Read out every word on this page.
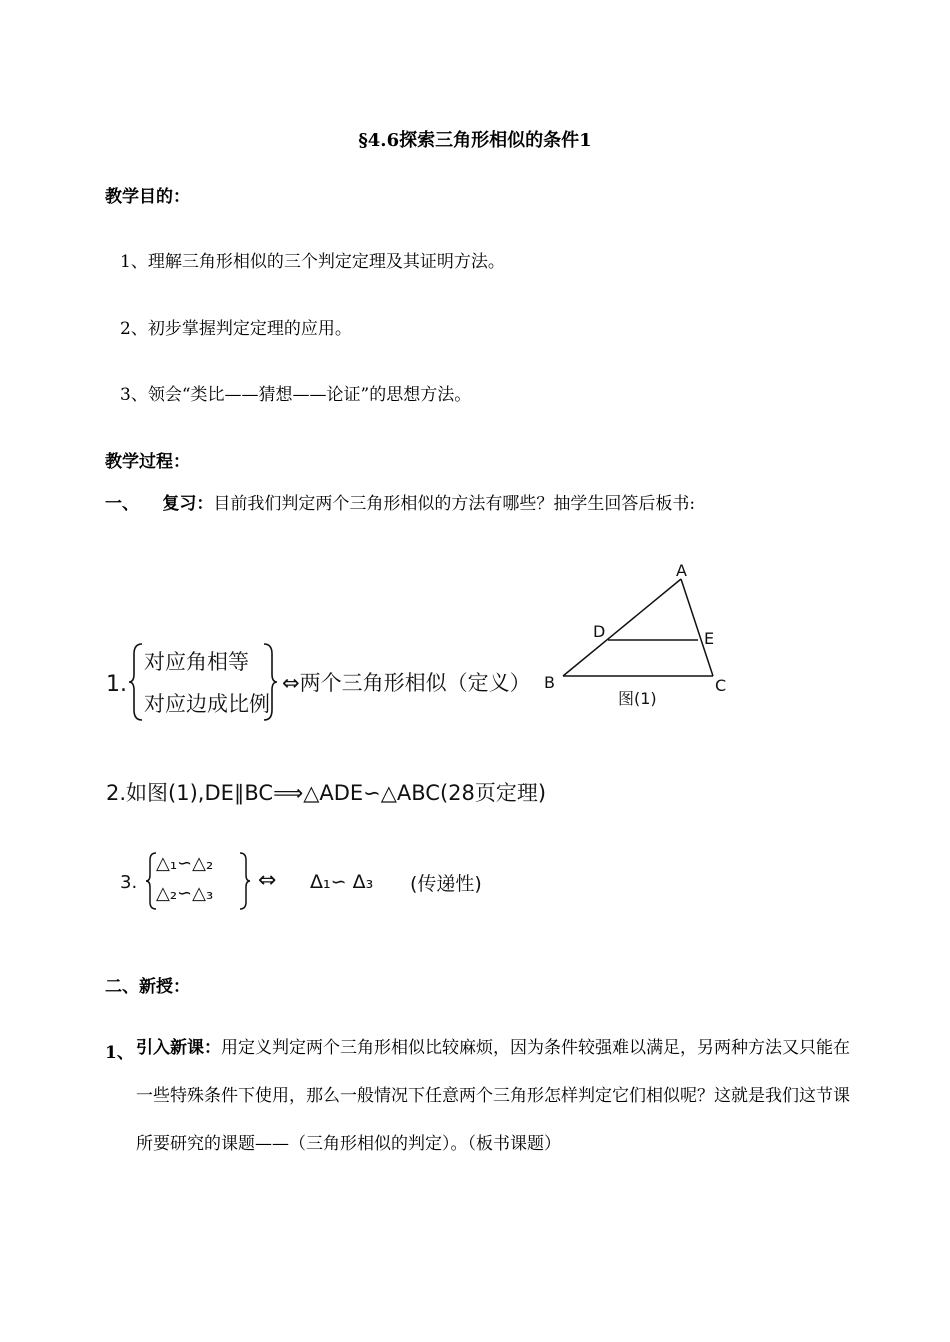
§4.6探索三角形相似的条件1
教学目的：
1、理解三角形相似的三个判定定理及其证明方法。
2、初步掌握判定定理的应用。
3、领会“类比——猜想——论证”的思想方法。
教学过程：
一、 复习：目前我们判定两个三角形相似的方法有哪些？抽学生回答后板书:
1.
对应角相等
对应边成比例
⇔两个三角形相似（定义）
A
D	E
B	C
图(1)
2.如图(1),DE∥BC⟹△ADE∽△ABC(28页定理)
3.
△₁∽△₂
△₂∽△₃
⇔ Δ₁∽ Δ₃ (传递性)
二、新授：
1、 引入新课：用定义判定两个三角形相似比较麻烦，因为条件较强难以满足，另两种方法又只能在一些特殊条件下使用，那么一般情况下任意两个三角形怎样判定它们相似呢？这就是我们这节课所要研究的课题——（三角形相似的判定）。（板书课题）
